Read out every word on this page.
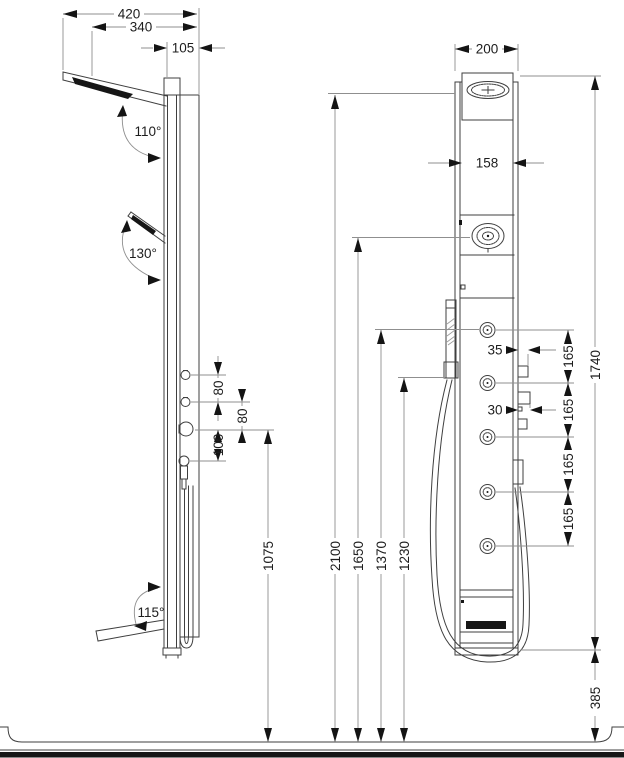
420
340
105
110°
130°
115°
80
80
100
1075	2100 1650 1370 1230
200
158
35
30
165
165
165
165
1740
385
